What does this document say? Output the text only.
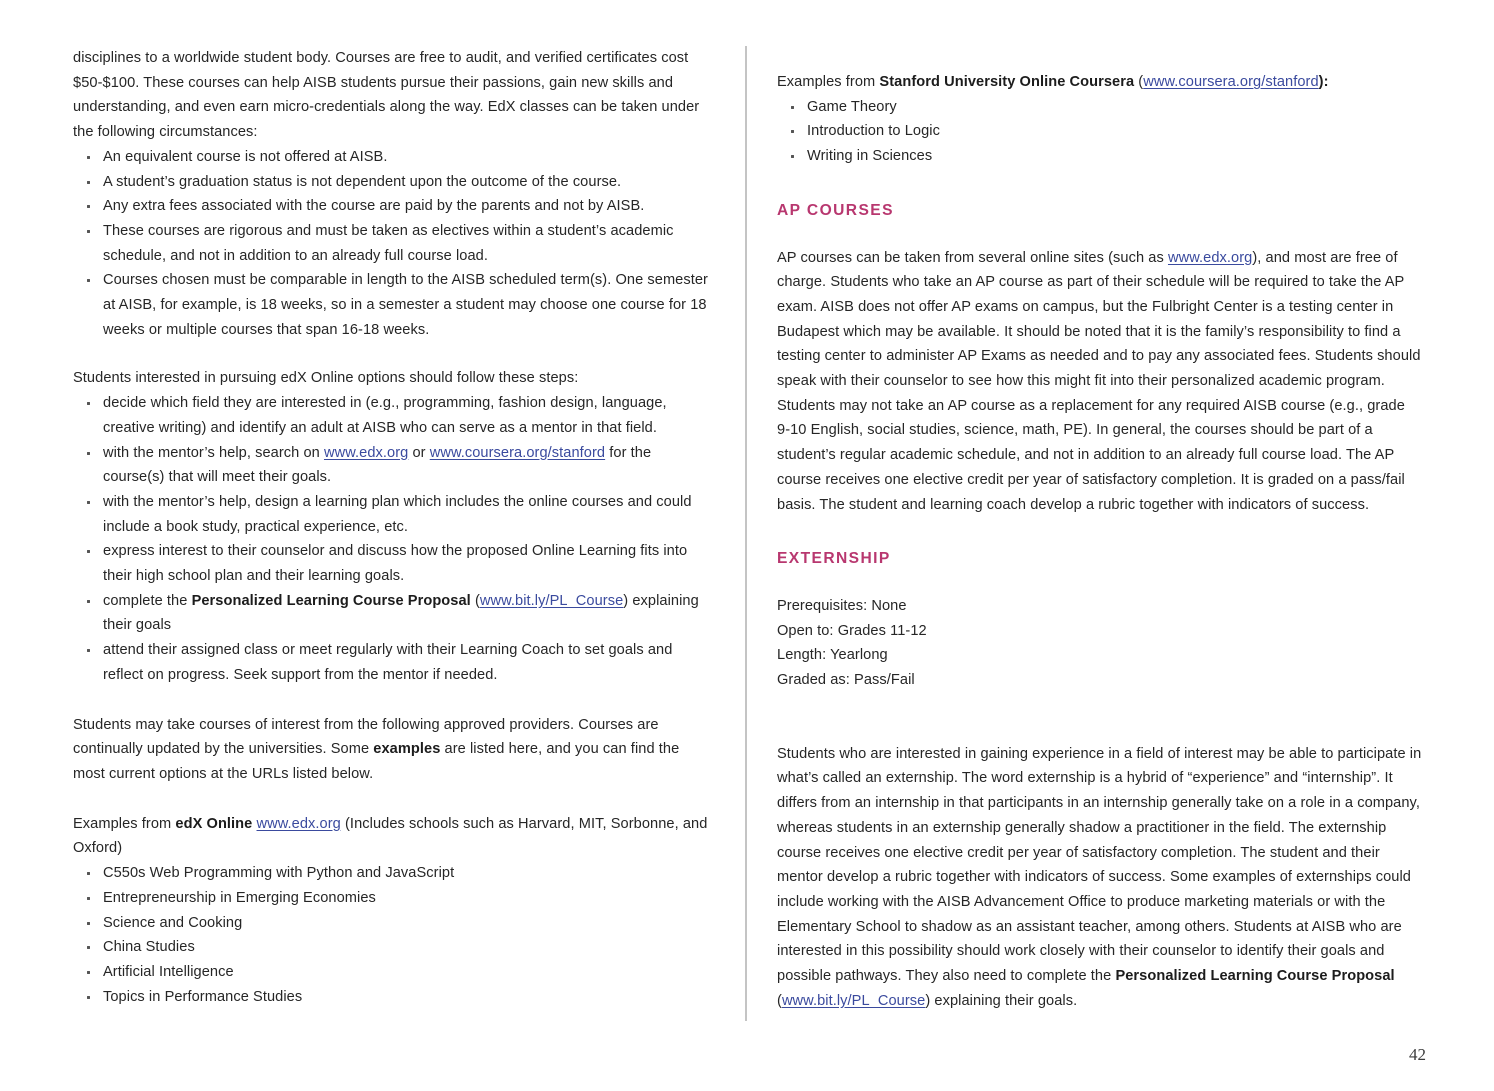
disciplines to a worldwide student body. Courses are free to audit, and verified certificates cost $50-$100. These courses can help AISB students pursue their passions, gain new skills and understanding, and even earn micro-credentials along the way. EdX classes can be taken under the following circumstances:

An equivalent course is not offered at AISB.
A student’s graduation status is not dependent upon the outcome of the course.
Any extra fees associated with the course are paid by the parents and not by AISB.
These courses are rigorous and must be taken as electives within a student’s academic schedule, and not in addition to an already full course load.
Courses chosen must be comparable in length to the AISB scheduled term(s). One semester at AISB, for example, is 18 weeks, so in a semester a student may choose one course for 18 weeks or multiple courses that span 16-18 weeks.

Students interested in pursuing edX Online options should follow these steps:

decide which field they are interested in (e.g., programming, fashion design, language, creative writing) and identify an adult at AISB who can serve as a mentor in that field.
with the mentor’s help, search on www.edx.org or www.coursera.org/stanford for the course(s) that will meet their goals.
with the mentor’s help, design a learning plan which includes the online courses and could include a book study, practical experience, etc.
express interest to their counselor and discuss how the proposed Online Learning fits into their high school plan and their learning goals.
complete the Personalized Learning Course Proposal (www.bit.ly/PL_Course) explaining their goals
attend their assigned class or meet regularly with their Learning Coach to set goals and reflect on progress. Seek support from the mentor if needed.

Students may take courses of interest from the following approved providers. Courses are continually updated by the universities. Some examples are listed here, and you can find the most current options at the URLs listed below.

Examples from edX Online www.edx.org (Includes schools such as Harvard, MIT, Sorbonne, and Oxford)

C550s Web Programming with Python and JavaScript
Entrepreneurship in Emerging Economies
Science and Cooking
China Studies
Artificial Intelligence
Topics in Performance Studies

Examples from Stanford University Online Coursera (www.coursera.org/stanford):

Game Theory
Introduction to Logic
Writing in Sciences
AP COURSES

AP courses can be taken from several online sites (such as www.edx.org), and most are free of charge. Students who take an AP course as part of their schedule will be required to take the AP exam. AISB does not offer AP exams on campus, but the Fulbright Center is a testing center in Budapest which may be available. It should be noted that it is the family’s responsibility to find a testing center to administer AP Exams as needed and to pay any associated fees. Students should speak with their counselor to see how this might fit into their personalized academic program. Students may not take an AP course as a replacement for any required AISB course (e.g., grade 9-10 English, social studies, science, math, PE). In general, the courses should be part of a student’s regular academic schedule, and not in addition to an already full course load. The AP course receives one elective credit per year of satisfactory completion. It is graded on a pass/fail basis. The student and learning coach develop a rubric together with indicators of success.

EXTERNSHIP

Prerequisites: None

Open to: Grades 11-12

Length: Yearlong

Graded as: Pass/Fail

Students who are interested in gaining experience in a field of interest may be able to participate in what’s called an externship. The word externship is a hybrid of “experience” and “internship”. It differs from an internship in that participants in an internship generally take on a role in a company, whereas students in an externship generally shadow a practitioner in the field. The externship course receives one elective credit per year of satisfactory completion. The student and their mentor develop a rubric together with indicators of success. Some examples of externships could include working with the AISB Advancement Office to produce marketing materials or with the Elementary School to shadow as an assistant teacher, among others. Students at AISB who are interested in this possibility should work closely with their counselor to identify their goals and possible pathways. They also need to complete the Personalized Learning Course Proposal (www.bit.ly/PL_Course) explaining their goals.

42
